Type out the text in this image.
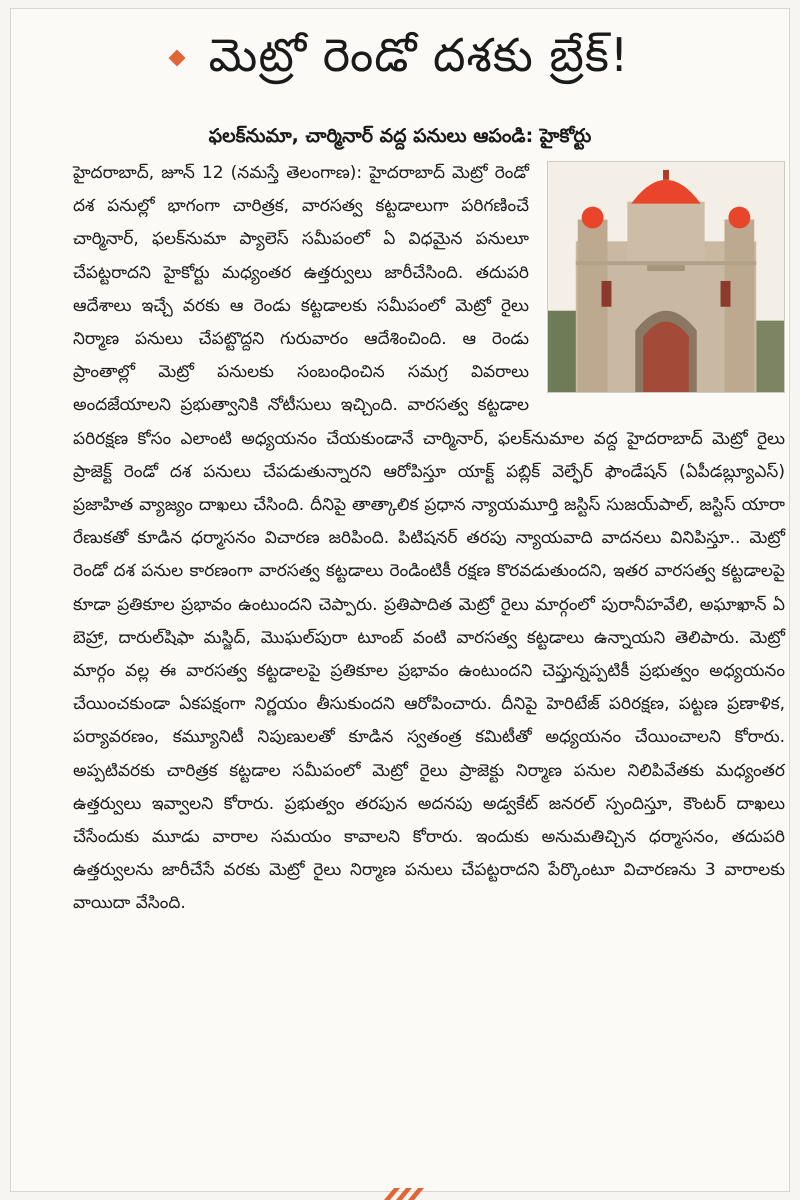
మెట్రో రెండో దశకు బ్రేక్!
ఫలక్‌నుమా, చార్మినార్ వద్ద పనులు ఆపండి: హైకోర్టు

హైదరాబాద్, జూన్ 12 (నమస్తే తెలంగాణ): హైదరాబాద్ మెట్రో రెండో దశ పనుల్లో భాగంగా చారిత్రక, వారసత్వ కట్టడాలుగా పరిగణించే చార్మినార్, ఫలక్‌నుమా ప్యాలెస్ సమీపంలో ఏ విధమైన పనులూ చేపట్టరాదని హైకోర్టు మధ్యంతర ఉత్తర్వులు జారీచేసింది. తదుపరి ఆదేశాలు ఇచ్చే వరకు ఆ రెండు కట్టడాలకు సమీపంలో మెట్రో రైలు నిర్మాణ పనులు చేపట్టొద్దని గురువారం ఆదేశించింది. ఆ రెండు ప్రాంతాల్లో మెట్రో పనులకు సంబంధించిన సమగ్ర వివరాలు అందజేయాలని ప్రభుత్వానికి నోటీసులు ఇచ్చింది. వారసత్వ కట్టడాల పరిరక్షణ కోసం ఎలాంటి అధ్యయనం చేయకుండానే చార్మినార్, ఫలక్‌నుమాల వద్ద హైదరాబాద్ మెట్రో రైలు ప్రాజెక్ట్ రెండో దశ పనులు చేపడుతున్నారని ఆరోపిస్తూ యాక్ట్ పబ్లిక్ వెల్ఫేర్ ఫౌండేషన్ (ఏపీడబ్ల్యూఎస్) ప్రజాహిత వ్యాజ్యం దాఖలు చేసింది. దీనిపై తాత్కాలిక ప్రధాన న్యాయమూర్తి జస్టిస్ సుజయ్‌పాల్, జస్టిస్ యారా రేణుకతో కూడిన ధర్మాసనం విచారణ జరిపింది. పిటిషనర్ తరపు న్యాయవాది వాదనలు వినిపిస్తూ.. మెట్రో రెండో దశ పనుల కారణంగా వారసత్వ కట్టడాలు రెండింటికీ రక్షణ కొరవడుతుందని, ఇతర వారసత్వ కట్టడాలపై కూడా ప్రతికూల ప్రభావం ఉంటుందని చెప్పారు. ప్రతిపాదిత మెట్రో రైలు మార్గంలో పురానీహవేలి, అఘాఖాన్ ఏ బెహ్రా, దారుల్‌షిఫా మస్జిద్, మొఘల్‌పురా టూంబ్ వంటి వారసత్వ కట్టడాలు ఉన్నాయని తెలిపారు. మెట్రో మార్గం వల్ల ఈ వారసత్వ కట్టడాలపై ప్రతికూల ప్రభావం ఉంటుందని చెప్తున్నప్పటికీ ప్రభుత్వం అధ్యయనం చేయించకుండా ఏకపక్షంగా నిర్ణయం తీసుకుందని ఆరోపించారు. దీనిపై హెరిటేజ్ పరిరక్షణ, పట్టణ ప్రణాళిక, పర్యావరణం, కమ్యూనిటీ నిపుణులతో కూడిన స్వతంత్ర కమిటీతో అధ్యయనం చేయించాలని కోరారు. అప్పటివరకు చారిత్రక కట్టడాల సమీపంలో మెట్రో రైలు ప్రాజెక్టు నిర్మాణ పనుల నిలిపివేతకు మధ్యంతర ఉత్తర్వులు ఇవ్వాలని కోరారు. ప్రభుత్వం తరపున అదనపు అడ్వకేట్ జనరల్ స్పందిస్తూ, కౌంటర్ దాఖలు చేసేందుకు మూడు వారాల సమయం కావాలని కోరారు. ఇందుకు అనుమతిచ్చిన ధర్మాసనం, తదుపరి ఉత్తర్వులను జారీచేసే వరకు మెట్రో రైలు నిర్మాణ పనులు చేపట్టరాదని పేర్కొంటూ విచారణను 3 వారాలకు వాయిదా వేసింది.
